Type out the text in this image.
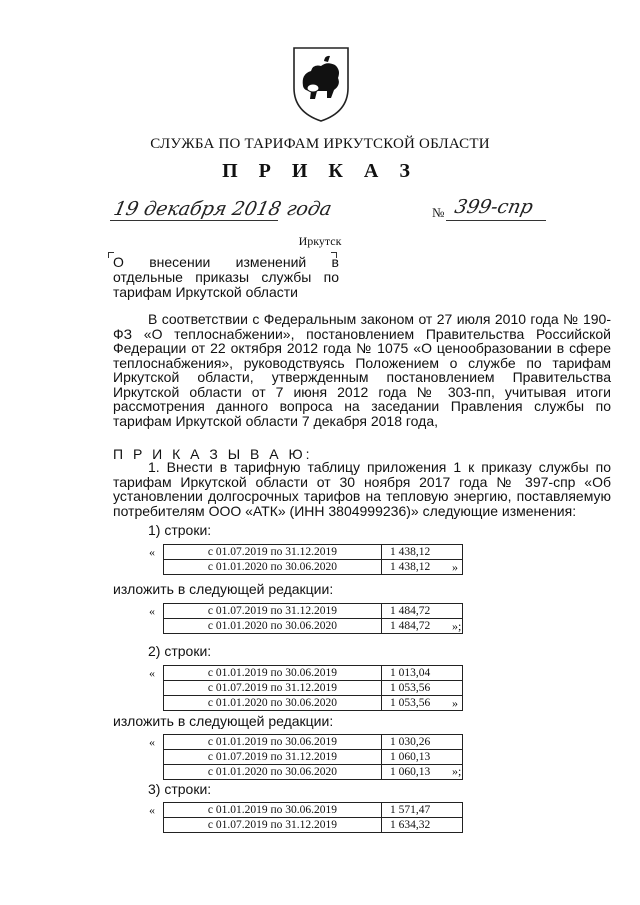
СЛУЖБА ПО ТАРИФАМ ИРКУТСКОЙ ОБЛАСТИ
П Р И К А З
19 декабря 2018 года	№ 399-спр
Иркутск
О внесении изменений в отдельные приказы службы по тарифам Иркутской области
В соответствии с Федеральным законом от 27 июля 2010 года № 190-ФЗ «О теплоснабжении», постановлением Правительства Российской Федерации от 22 октября 2012 года № 1075 «О ценообразовании в сфере теплоснабжения», руководствуясь Положением о службе по тарифам Иркутской области, утвержденным постановлением Правительства Иркутской области от 7 июня 2012 года № 303-пп, учитывая итоги рассмотрения данного вопроса на заседании Правления службы по тарифам Иркутской области 7 декабря 2018 года,
П Р И К А З Ы В А Ю:
1. Внести в тарифную таблицу приложения 1 к приказу службы по тарифам Иркутской области от 30 ноября 2017 года № 397-спр «Об установлении долгосрочных тарифов на тепловую энергию, поставляемую потребителям ООО «АТК» (ИНН 3804999236)» следующие изменения:
1) строки:
«	с 01.07.2019 по 31.12.2019	1 438,12
с 01.01.2020 по 30.06.2020	1 438,12 »
изложить в следующей редакции:
«	с 01.07.2019 по 31.12.2019	1 484,72
с 01.01.2020 по 30.06.2020	1 484,72 »;
2) строки:
«	с 01.01.2019 по 30.06.2019	1 013,04
с 01.07.2019 по 31.12.2019	1 053,56
с 01.01.2020 по 30.06.2020	1 053,56 »
изложить в следующей редакции:
«	с 01.01.2019 по 30.06.2019	1 030,26
с 01.07.2019 по 31.12.2019	1 060,13
с 01.01.2020 по 30.06.2020	1 060,13 »;
3) строки:
«	с 01.01.2019 по 30.06.2019	1 571,47
с 01.07.2019 по 31.12.2019	1 634,32
